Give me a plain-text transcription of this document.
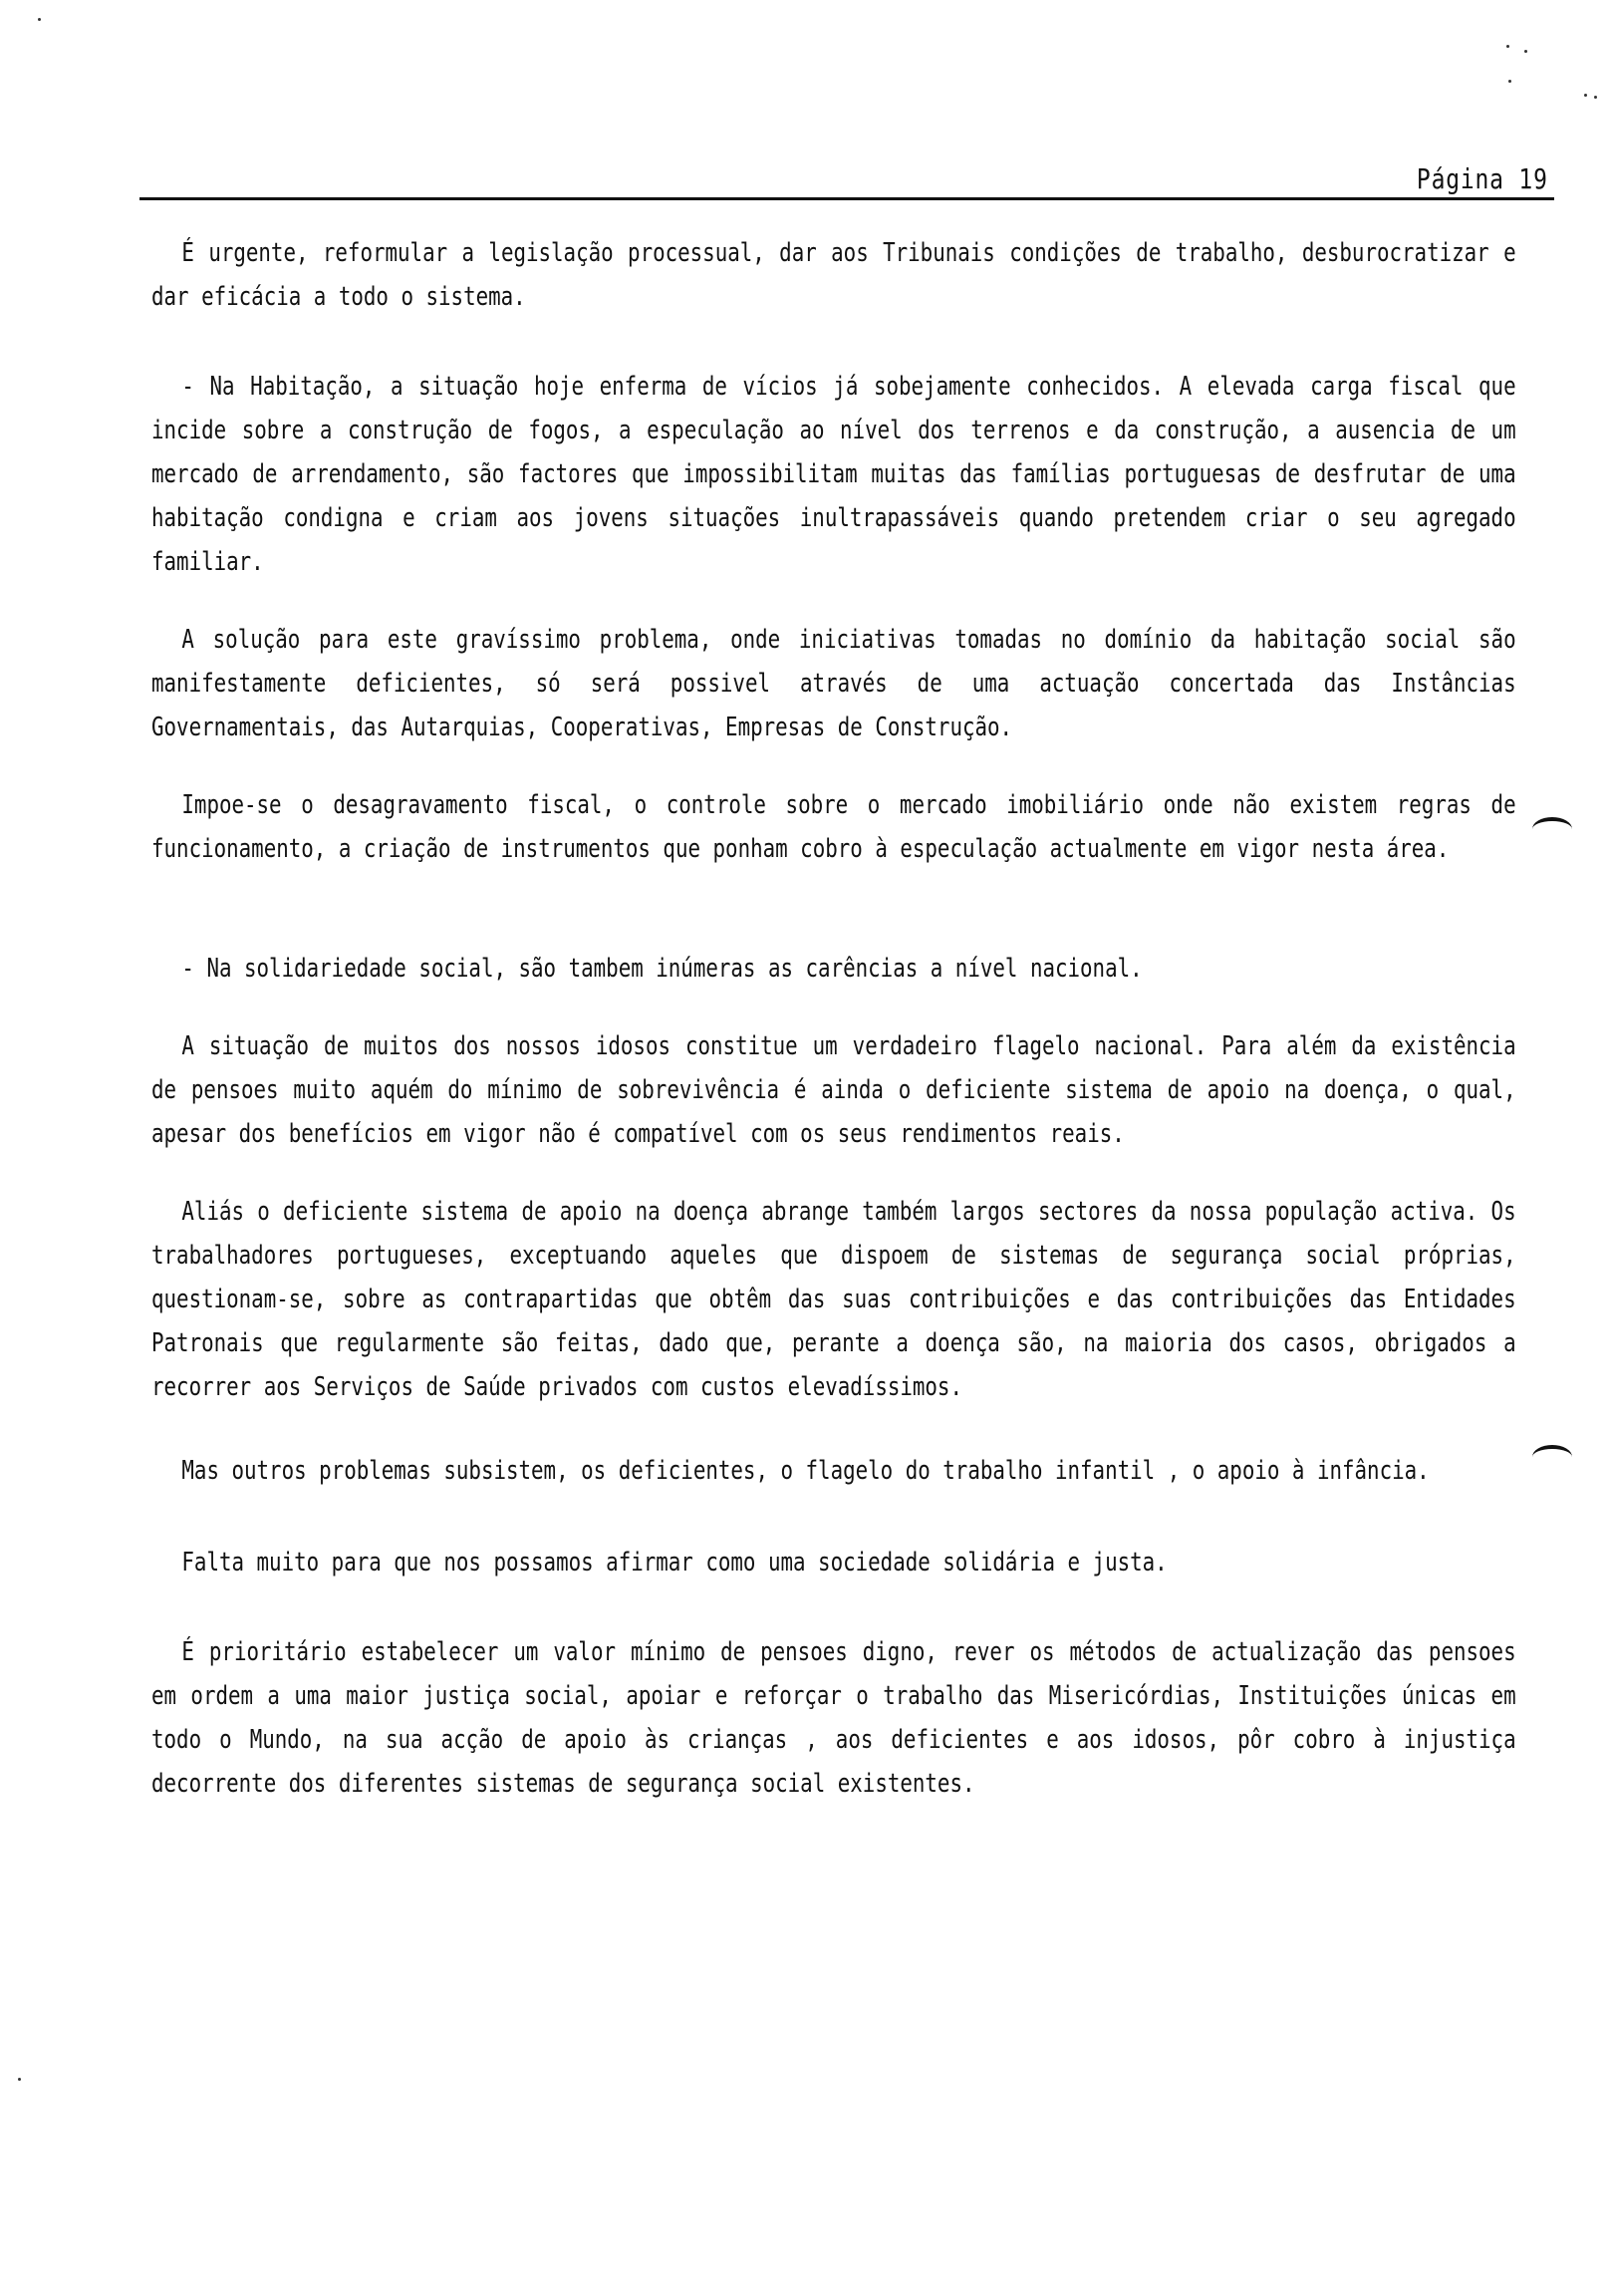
Página 19

É urgente, reformular a legislação processual, dar aos Tribunais condições de trabalho, desburocratizar e dar eficácia a todo o sistema.

- Na Habitação, a situação hoje enferma de vícios já sobejamente conhecidos. A elevada carga fiscal que incide sobre a construção de fogos, a especulação ao nível dos terrenos e da construção, a ausencia de um mercado de arrendamento, são factores que impossibilitam muitas das famílias portuguesas de desfrutar de uma habitação condigna e criam aos jovens situações inultrapassáveis quando pretendem criar o seu agregado familiar.

A solução para este gravíssimo problema, onde iniciativas tomadas no domínio da habitação social são manifestamente deficientes, só será possivel através de uma actuação concertada das Instâncias Governamentais, das Autarquias, Cooperativas, Empresas de Construção.

Impoe-se o desagravamento fiscal, o controle sobre o mercado imobiliário onde não existem regras de funcionamento, a criação de instrumentos que ponham cobro à especulação actualmente em vigor nesta área.

- Na solidariedade social, são tambem inúmeras as carências a nível nacional.

A situação de muitos dos nossos idosos constitue um verdadeiro flagelo nacional. Para além da existência de pensoes muito aquém do mínimo de sobrevivência é ainda o deficiente sistema de apoio na doença, o qual, apesar dos benefícios em vigor não é compatível com os seus rendimentos reais.

Aliás o deficiente sistema de apoio na doença abrange também largos sectores da nossa população activa. Os trabalhadores portugueses, exceptuando aqueles que dispoem de sistemas de segurança social próprias, questionam-se, sobre as contrapartidas que obtêm das suas contribuições e das contribuições das Entidades Patronais que regularmente são feitas, dado que, perante a doença são, na maioria dos casos, obrigados a recorrer aos Serviços de Saúde privados com custos elevadíssimos.

Mas outros problemas subsistem, os deficientes, o flagelo do trabalho infantil , o apoio à infância.

Falta muito para que nos possamos afirmar como uma sociedade solidária e justa.

É prioritário estabelecer um valor mínimo de pensoes digno, rever os métodos de actualização das pensoes em ordem a uma maior justiça social, apoiar e reforçar o trabalho das Misericórdias, Instituições únicas em todo o Mundo, na sua acção de apoio às crianças , aos deficientes e aos idosos, pôr cobro à injustiça decorrente dos diferentes sistemas de segurança social existentes.
